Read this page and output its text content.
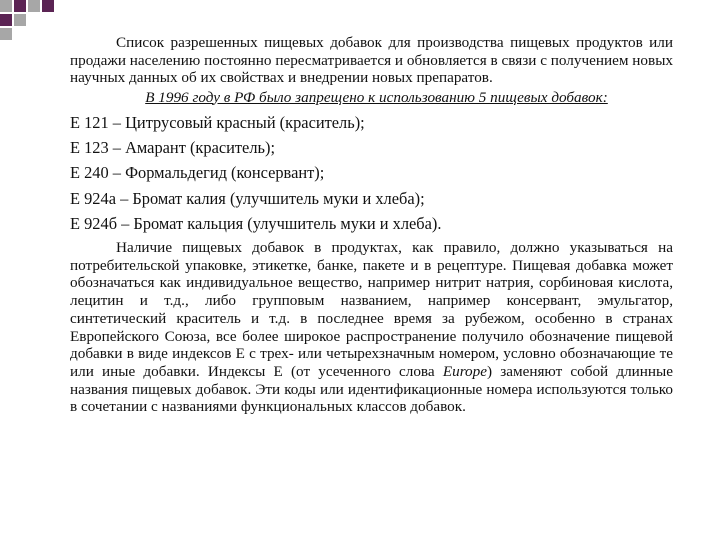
Список разрешенных пищевых добавок для производства пищевых продуктов или продажи населению постоянно пересматривается и обновляется в связи с получением новых научных данных об их свойствах и внедрении новых препаратов.

В 1996 году в РФ было запрещено к использованию 5 пищевых добавок:

Е 121 – Цитрусовый красный (краситель);
Е 123 – Амарант (краситель);
Е 240 – Формальдегид (консервант);
Е 924а – Бромат калия (улучшитель муки и хлеба);
Е 924б – Бромат кальция (улучшитель муки и хлеба).

Наличие пищевых добавок в продуктах, как правило, должно указываться на потребительской упаковке, этикетке, банке, пакете и в рецептуре. Пищевая добавка может обозначаться как индивидуальное вещество, например нитрит натрия, сорбиновая кислота, лецитин и т.д., либо групповым названием, например консервант, эмульгатор, синтетический краситель и т.д. в последнее время за рубежом, особенно в странах Европейского Союза, все более широкое распространение получило обозначение пищевой добавки в виде индексов Е с трех- или четырехзначным номером, условно обозначающие те или иные добавки. Индексы Е (от усеченного слова Europe) заменяют собой длинные названия пищевых добавок. Эти коды или идентификационные номера используются только в сочетании с названиями функциональных классов добавок.
